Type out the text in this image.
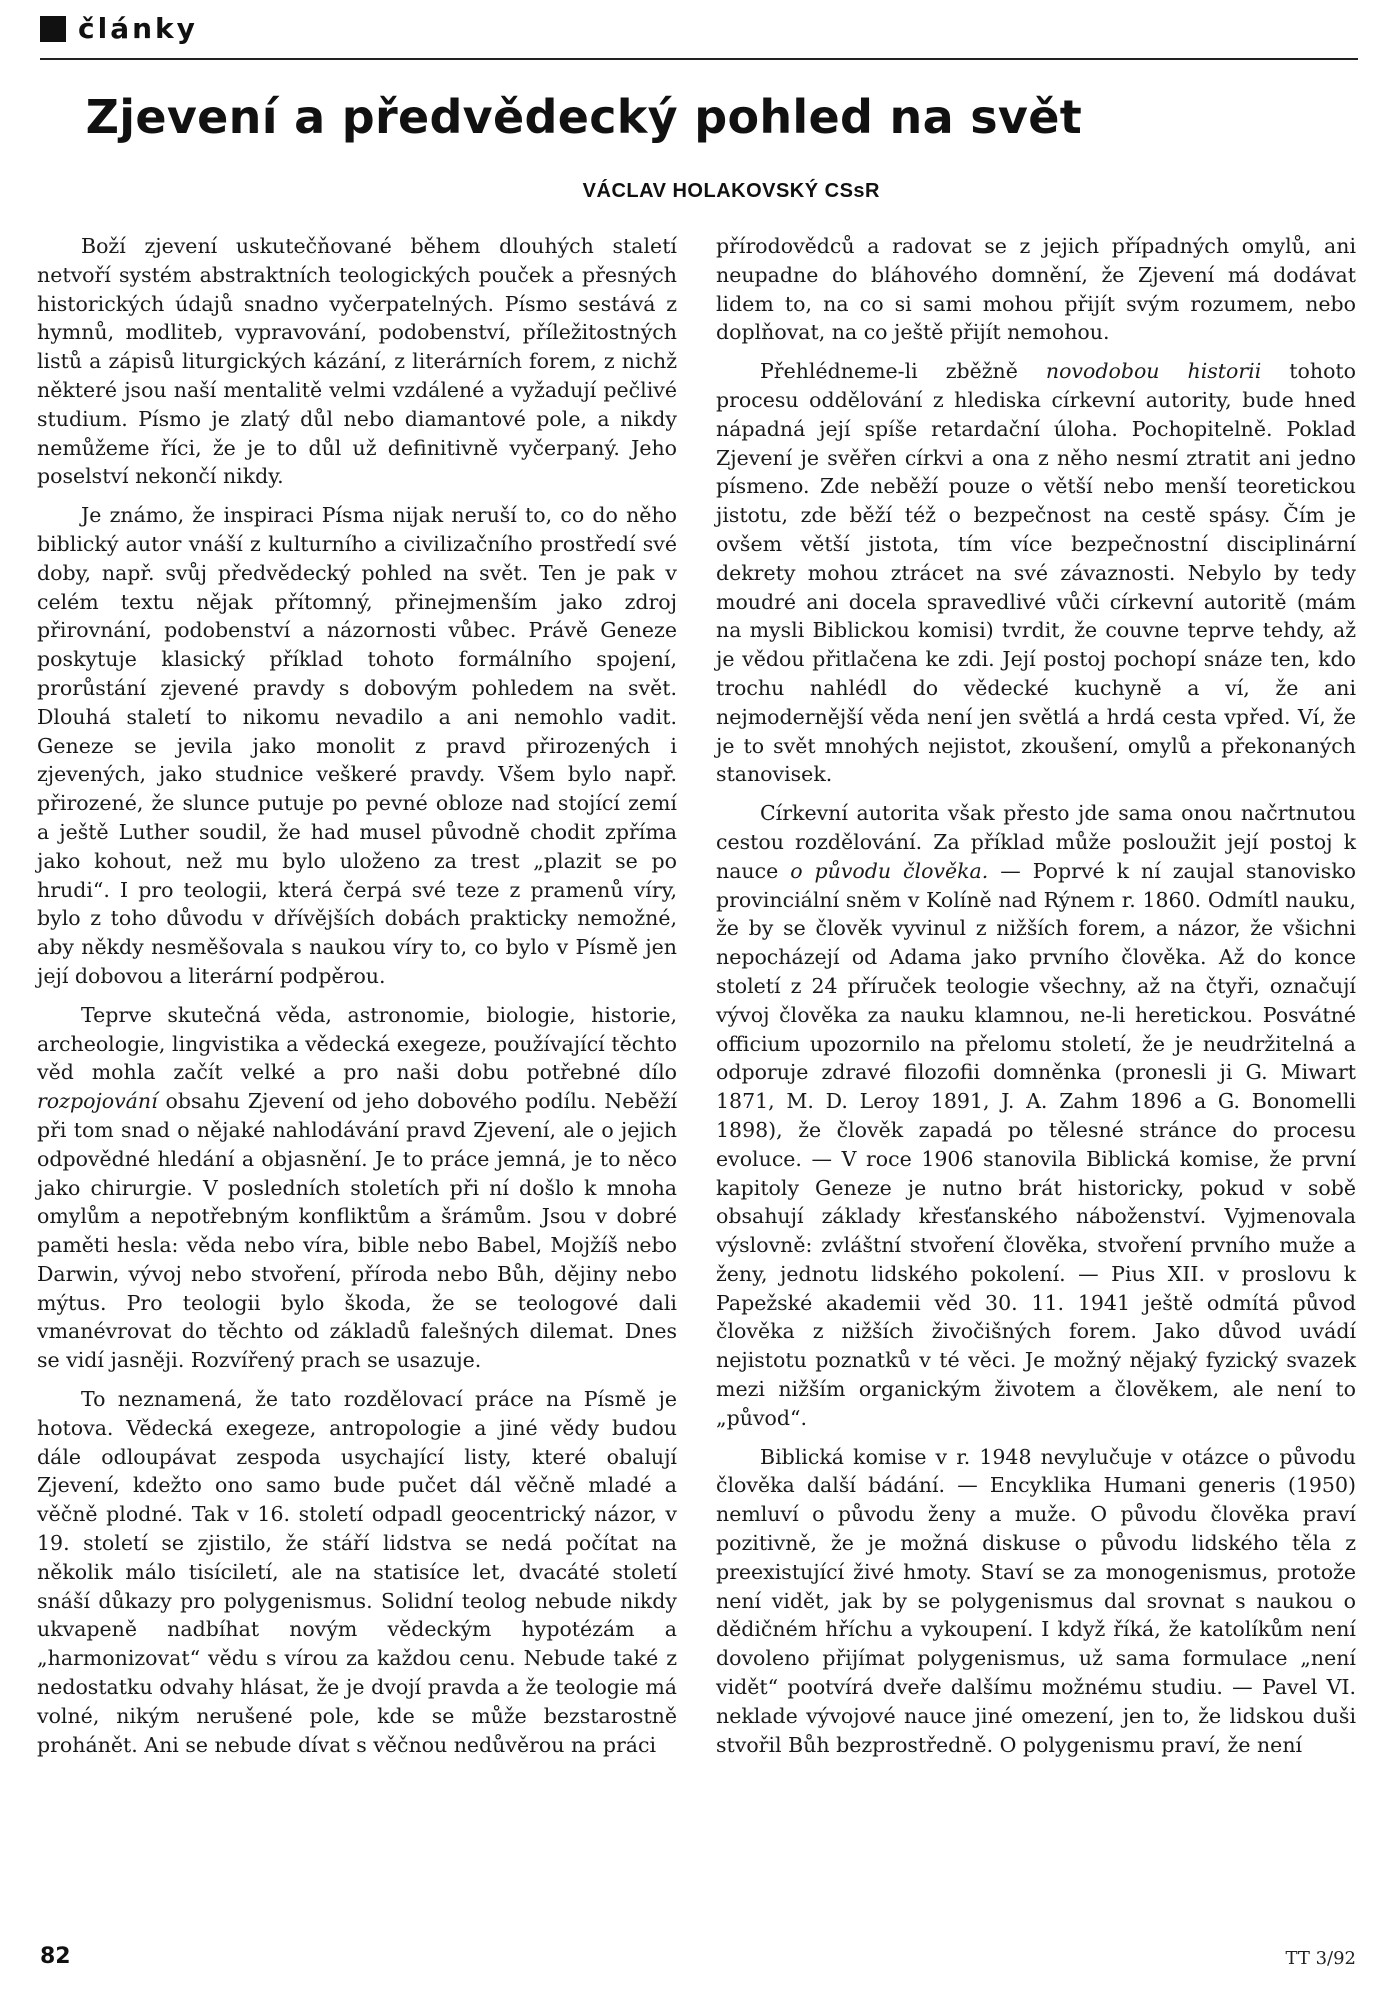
články
Zjevení a předvědecký pohled na svět
VÁCLAV HOLAKOVSKÝ CSsR

Boží zjevení uskutečňované během dlouhých staletí netvoří systém abstraktních teologických pouček a přesných historických údajů snadno vyčerpatelných. Písmo sestává z hymnů, modliteb, vypravování, podobenství, příležitostných listů a zápisů liturgických kázání, z literárních forem, z nichž některé jsou naší mentalitě velmi vzdálené a vyžadují pečlivé studium. Písmo je zlatý důl nebo diamantové pole, a nikdy nemůžeme říci, že je to důl už definitivně vyčerpaný. Jeho poselství nekončí nikdy.

Je známo, že inspiraci Písma nijak neruší to, co do něho biblický autor vnáší z kulturního a civilizačního prostředí své doby, např. svůj předvědecký pohled na svět. Ten je pak v celém textu nějak přítomný, přinejmenším jako zdroj přirovnání, podobenství a názornosti vůbec. Právě Geneze poskytuje klasický příklad tohoto formálního spojení, prorůstání zjevené pravdy s dobovým pohledem na svět. Dlouhá staletí to nikomu nevadilo a ani nemohlo vadit. Geneze se jevila jako monolit z pravd přirozených i zjevených, jako studnice veškeré pravdy. Všem bylo např. přirozené, že slunce putuje po pevné obloze nad stojící zemí a ještě Luther soudil, že had musel původně chodit zpříma jako kohout, než mu bylo uloženo za trest „plazit se po hrudi“. I pro teologii, která čerpá své teze z pramenů víry, bylo z toho důvodu v dřívějších dobách prakticky nemožné, aby někdy nesměšovala s naukou víry to, co bylo v Písmě jen její dobovou a literární podpěrou.

Teprve skutečná věda, astronomie, biologie, historie, archeologie, lingvistika a vědecká exegeze, používající těchto věd mohla začít velké a pro naši dobu potřebné dílo rozpojování obsahu Zjevení od jeho dobového podílu. Neběží při tom snad o nějaké nahlodávání pravd Zjevení, ale o jejich odpovědné hledání a objasnění. Je to práce jemná, je to něco jako chirurgie. V posledních stoletích při ní došlo k mnoha omylům a nepotřebným konfliktům a šrámům. Jsou v dobré paměti hesla: věda nebo víra, bible nebo Babel, Mojžíš nebo Darwin, vývoj nebo stvoření, příroda nebo Bůh, dějiny nebo mýtus. Pro teologii bylo škoda, že se teologové dali vmanévrovat do těchto od základů falešných dilemat. Dnes se vidí jasněji. Rozvířený prach se usazuje.

To neznamená, že tato rozdělovací práce na Písmě je hotova. Vědecká exegeze, antropologie a jiné vědy budou dále odloupávat zespoda usychající listy, které obalují Zjevení, kdežto ono samo bude pučet dál věčně mladé a věčně plodné. Tak v 16. století odpadl geocentrický názor, v 19. století se zjistilo, že stáří lidstva se nedá počítat na několik málo tisíciletí, ale na statisíce let, dvacáté století snáší důkazy pro polygenismus. Solidní teolog nebude nikdy ukvapeně nadbíhat novým vědeckým hypotézám a „harmonizovat“ vědu s vírou za každou cenu. Nebude také z nedostatku odvahy hlásat, že je dvojí pravda a že teologie má volné, nikým nerušené pole, kde se může bezstarostně prohánět. Ani se nebude dívat s věčnou nedůvěrou na práci

přírodovědců a radovat se z jejich případných omylů, ani neupadne do bláhového domnění, že Zjevení má dodávat lidem to, na co si sami mohou přijít svým rozumem, nebo doplňovat, na co ještě přijít nemohou.

Přehlédneme-li zběžně novodobou historii tohoto procesu oddělování z hlediska církevní autority, bude hned nápadná její spíše retardační úloha. Pochopitelně. Poklad Zjevení je svěřen církvi a ona z něho nesmí ztratit ani jedno písmeno. Zde neběží pouze o větší nebo menší teoretickou jistotu, zde běží též o bezpečnost na cestě spásy. Čím je ovšem větší jistota, tím více bezpečnostní disciplinární dekrety mohou ztrácet na své závaznosti. Nebylo by tedy moudré ani docela spravedlivé vůči církevní autoritě (mám na mysli Biblickou komisi) tvrdit, že couvne teprve tehdy, až je vědou přitlačena ke zdi. Její postoj pochopí snáze ten, kdo trochu nahlédl do vědecké kuchyně a ví, že ani nejmodernější věda není jen světlá a hrdá cesta vpřed. Ví, že je to svět mnohých nejistot, zkoušení, omylů a překonaných stanovisek.

Církevní autorita však přesto jde sama onou načrtnutou cestou rozdělování. Za příklad může posloužit její postoj k nauce o původu člověka. — Poprvé k ní zaujal stanovisko provinciální sněm v Kolíně nad Rýnem r. 1860. Odmítl nauku, že by se člověk vyvinul z nižších forem, a názor, že všichni nepocházejí od Adama jako prvního člověka. Až do konce století z 24 příruček teologie všechny, až na čtyři, označují vývoj člověka za nauku klamnou, ne-li heretickou. Posvátné officium upozornilo na přelomu století, že je neudržitelná a odporuje zdravé filozofii domněnka (pronesli ji G. Miwart 1871, M. D. Leroy 1891, J. A. Zahm 1896 a G. Bonomelli 1898), že člověk zapadá po tělesné stránce do procesu evoluce. — V roce 1906 stanovila Biblická komise, že první kapitoly Geneze je nutno brát historicky, pokud v sobě obsahují základy křesťanského náboženství. Vyjmenovala výslovně: zvláštní stvoření člověka, stvoření prvního muže a ženy, jednotu lidského pokolení. — Pius XII. v proslovu k Papežské akademii věd 30. 11. 1941 ještě odmítá původ člověka z nižších živočišných forem. Jako důvod uvádí nejistotu poznatků v té věci. Je možný nějaký fyzický svazek mezi nižším organickým životem a člověkem, ale není to „původ“.

Biblická komise v r. 1948 nevylučuje v otázce o původu člověka další bádání. — Encyklika Humani generis (1950) nemluví o původu ženy a muže. O původu člověka praví pozitivně, že je možná diskuse o původu lidského těla z preexistující živé hmoty. Staví se za monogenismus, protože není vidět, jak by se polygenismus dal srovnat s naukou o dědičném hříchu a vykoupení. I když říká, že katolíkům není dovoleno přijímat polygenismus, už sama formulace „není vidět“ pootvírá dveře dalšímu možnému studiu. — Pavel VI. neklade vývojové nauce jiné omezení, jen to, že lidskou duši stvořil Bůh bezprostředně. O polygenismu praví, že není

82	TT 3/92
